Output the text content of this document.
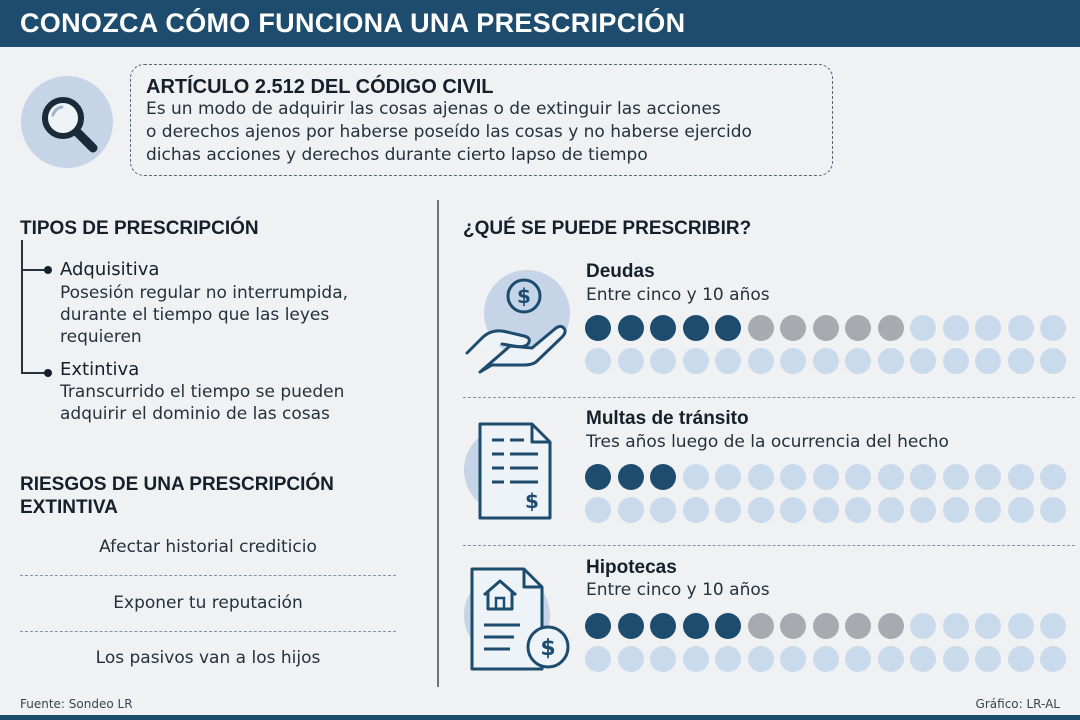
CONOZCA CÓMO FUNCIONA UNA PRESCRIPCIÓN
ARTÍCULO 2.512 DEL CÓDIGO CIVIL
Es un modo de adquirir las cosas ajenas o de extinguir las acciones
o derechos ajenos por haberse poseído las cosas y no haberse ejercido
dichas acciones y derechos durante cierto lapso de tiempo
TIPOS DE PRESCRIPCIÓN
Adquisitiva
Posesión regular no interrumpida,
durante el tiempo que las leyes
requieren
Extintiva
Transcurrido el tiempo se pueden
adquirir el dominio de las cosas
RIESGOS DE UNA PRESCRIPCIÓN
EXTINTIVA
Afectar historial crediticio
Exponer tu reputación
Los pasivos van a los hijos
¿QUÉ SE PUEDE PRESCRIBIR?
$
Deudas
Entre cinco y 10 años
$
Multas de tránsito
Tres años luego de la ocurrencia del hecho
$
Hipotecas
Entre cinco y 10 años
Fuente: Sondeo LR	Gráfico: LR-AL
